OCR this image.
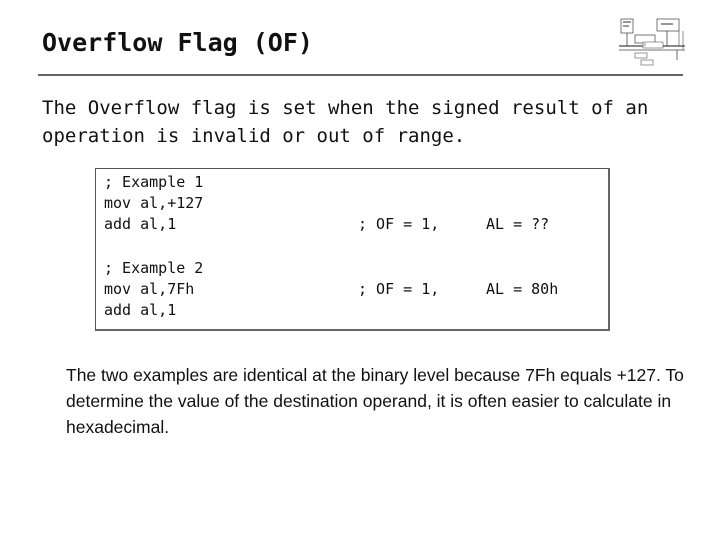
Overflow Flag (OF)
The Overflow flag is set when the signed result of an operation is invalid or out of range.
; Example 1
mov al,+127
add al,1	; OF = 1,	AL = ??
; Example 2
mov al,7Fh	; OF = 1,	AL = 80h
add al,1
The two examples are identical at the binary level because 7Fh equals +127. To determine the value of the destination operand, it is often easier to calculate in hexadecimal.
